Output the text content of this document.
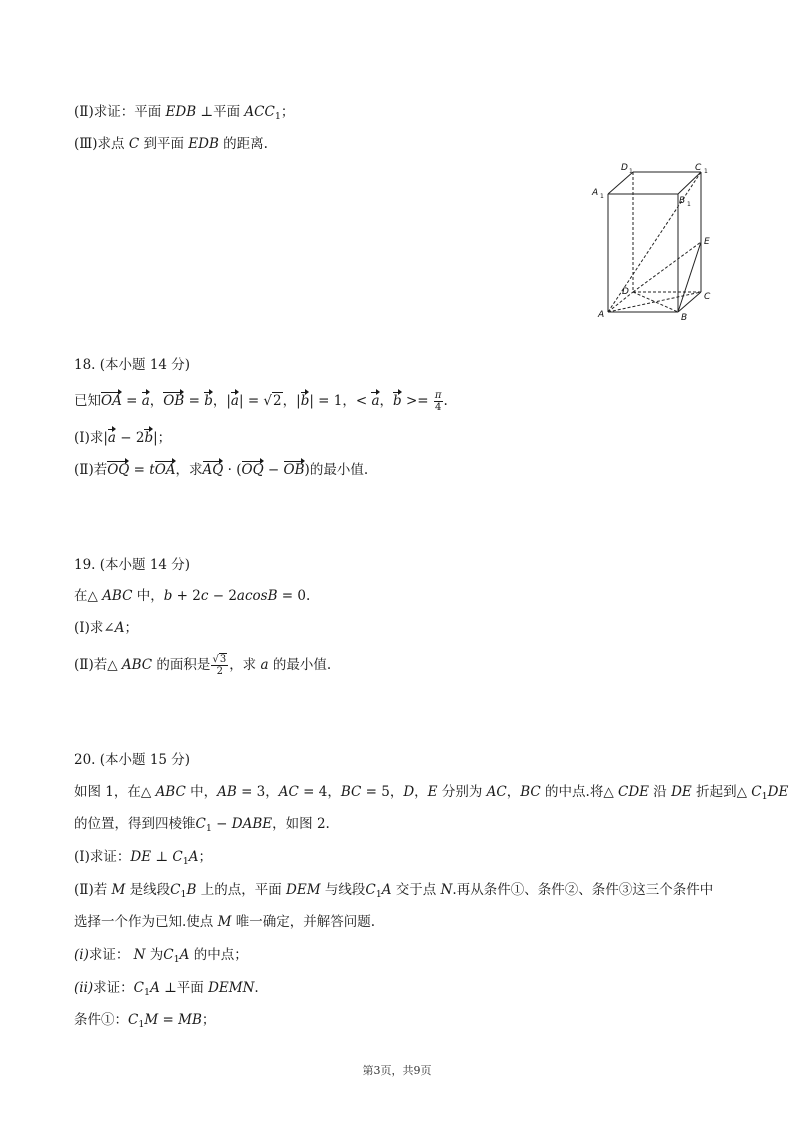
(Ⅱ)求证：平面 EDB ⊥平面 $ACC_1$；
(Ⅲ)求点 C 到平面 EDB 的距离.
D 1	C 1
A 1	B 1
E
D	C
A	B
18. (本小题 14 分)
已知OA = a，OB = b，|a| = √2，|b| = 1，< a，$b >= \frac{\pi}{4}$ .
(Ⅰ)求|a − 2b|；
(Ⅱ)若OQ = tOA，求AQ · (OQ − OB)的最小值.
19. (本小题 14 分)
在△ ABC 中，b + 2c − 2acosB = 0.
(Ⅰ)求∠A；
(Ⅱ)若△ ABC 的面积是 $\frac{√3}{2}$ ，求 a 的最小值.
20. (本小题 15 分)
如图 1，在△ ABC 中，AB = 3，AC = 4，BC = 5，D，E 分别为 AC，BC 的中点.将△ CDE 沿 DE 折起到△ $C_1DE$
的位置，得到四棱锥$C_1$ − DABE，如图 2.
(Ⅰ)求证：DE ⊥ $C_1A$；
(Ⅱ)若 M 是线段$C_1B$ 上的点，平面 DEM 与线段$C_1A$ 交于点 N.再从条件①、条件②、条件③这三个条件中
选择一个作为已知.使点 M 唯一确定，并解答问题.
(i)求证： N 为$C_1A$ 的中点；
(ii)求证：$C_1A$ ⊥平面 DEMN.
条件①：$C_1M$ = MB；
第3页，共9页
